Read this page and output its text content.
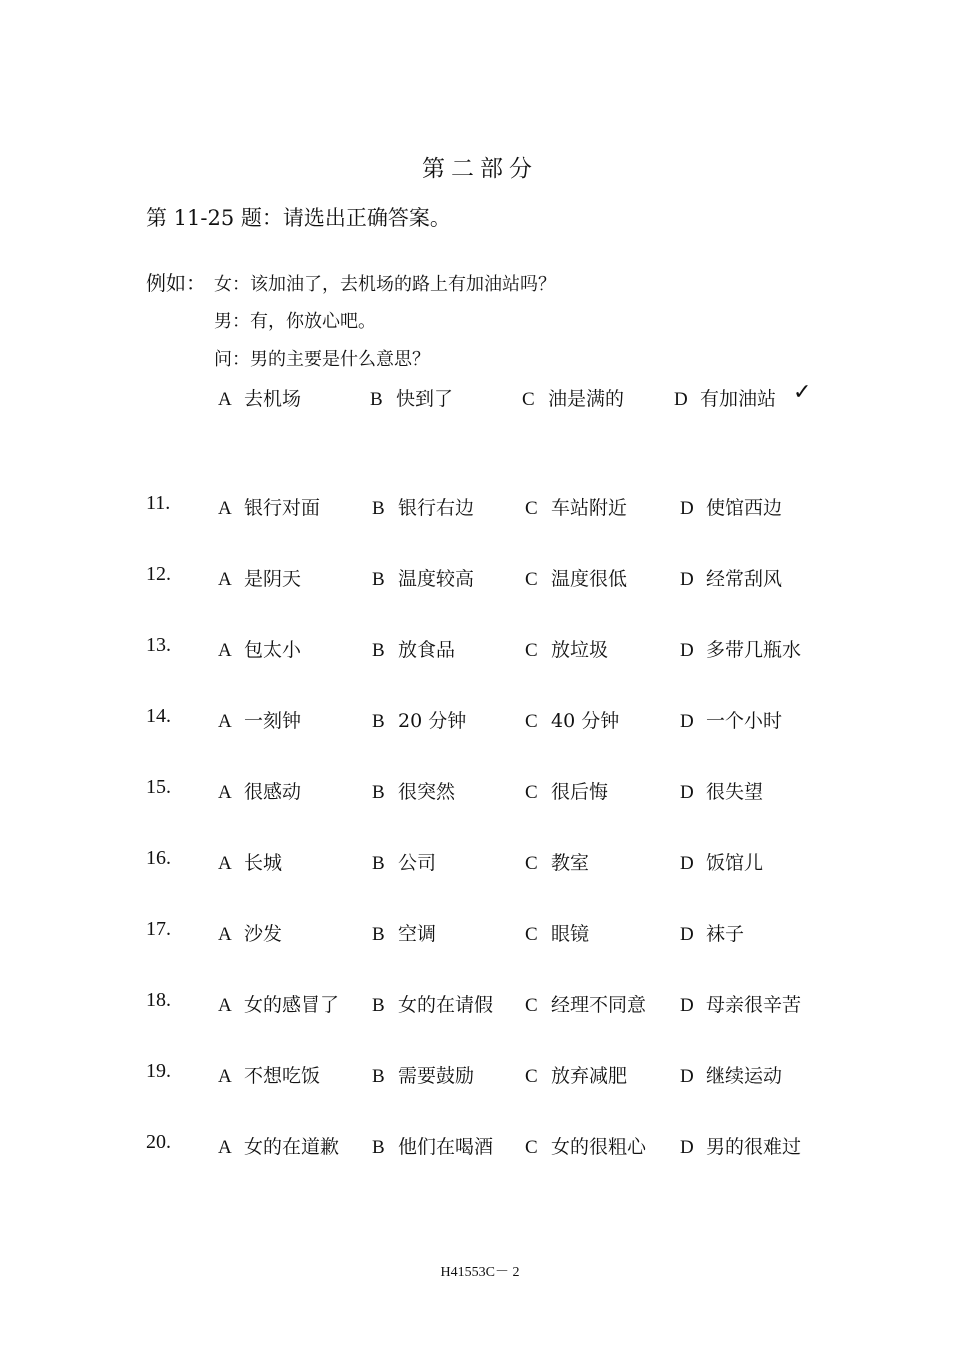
第二部分
第 11-25 题：请选出正确答案。
例如： 女：该加油了，去机场的路上有加油站吗？
男：有，你放心吧。
问：男的主要是什么意思？
A 去机场	B 快到了	C 油是满的	D 有加油站 ✓
11.	A 银行对面	B 银行右边	C 车站附近	D 使馆西边
12. A 是阴天	B 温度较高	C 温度很低	D 经常刮风
13. A 包太小	B 放食品	C 放垃圾	D 多带几瓶水
14. A 一刻钟	B 20 分钟	C 40 分钟	D 一个小时
15. A 很感动	B 很突然	C 很后悔	D 很失望
16. A 长城	B 公司	C 教室	D 饭馆儿
17. A 沙发	B 空调	C 眼镜	D 袜子
18. A 女的感冒了 B 女的在请假 C 经理不同意 D 母亲很辛苦
19. A 不想吃饭	B 需要鼓励	C 放弃减肥	D 继续运动
20. A 女的在道歉 B 他们在喝酒 C 女的很粗心 D 男的很难过
H41553C－ 2
